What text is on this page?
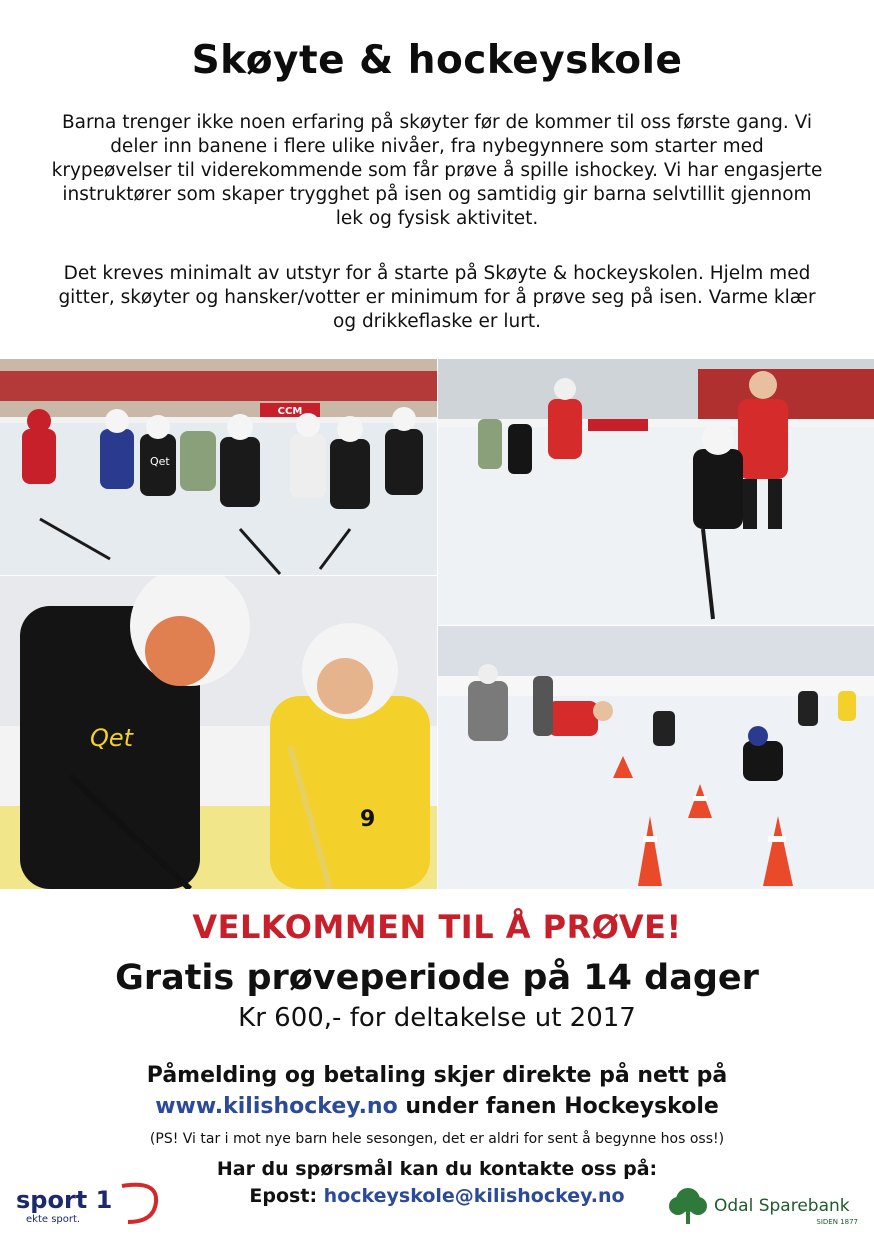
Skøyte & hockeyskole

Barna trenger ikke noen erfaring på skøyter før de kommer til oss første gang. Vi deler inn banene i flere ulike nivåer, fra nybegynnere som starter med krypeøvelser til viderekommende som får prøve å spille ishockey. Vi har engasjerte instruktører som skaper trygghet på isen og samtidig gir barna selvtillit gjennom lek og fysisk aktivitet.

Det kreves minimalt av utstyr for å starte på Skøyte & hockeyskolen. Hjelm med gitter, skøyter og hansker/votter er minimum for å prøve seg på isen. Varme klær og drikkeflaske er lurt.

CCM
Qet
Qet
9
VELKOMMEN TIL Å PRØVE!
Gratis prøveperiode på 14 dager
Kr 600,- for deltakelse ut 2017
Påmelding og betaling skjer direkte på nett på
www.kilishockey.no under fanen Hockeyskole
(PS! Vi tar i mot nye barn hele sesongen, det er aldri for sent å begynne hos oss!)
Har du spørsmål kan du kontakte oss på:
Epost: hockeyskole@kilishockey.no
sport 1
ekte sport.
Odal Sparebank
SIDEN 1877
